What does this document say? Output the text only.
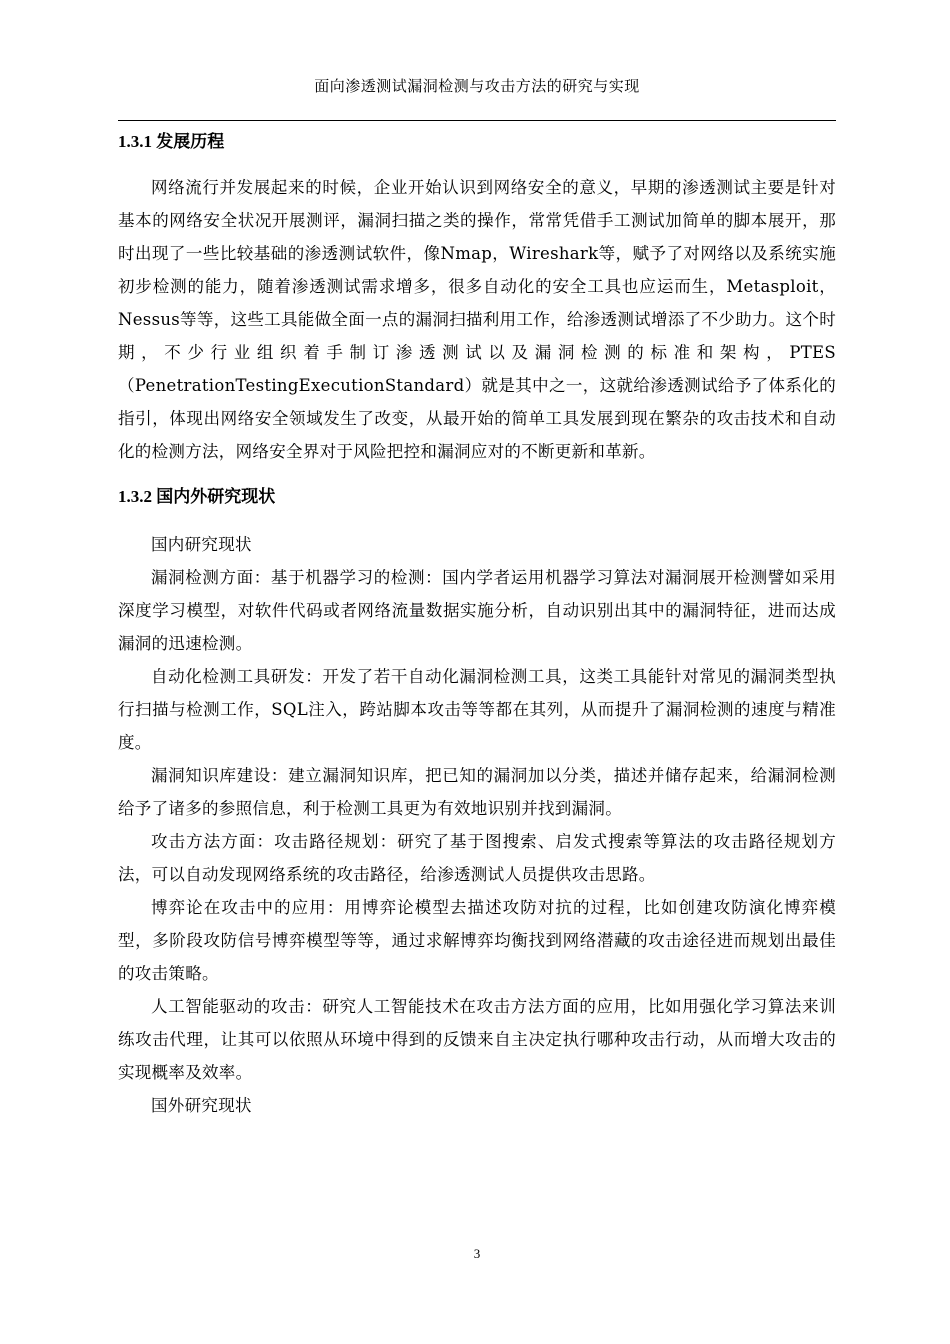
面向渗透测试漏洞检测与攻击方法的研究与实现
1.3.1 发展历程

网络流行并发展起来的时候，企业开始认识到网络安全的意义，早期的渗透测试主要是针对基本的网络安全状况开展测评，漏洞扫描之类的操作，常常凭借手工测试加简单的脚本展开，那时出现了一些比较基础的渗透测试软件，像Nmap，Wireshark等，赋予了对网络以及系统实施初步检测的能力，随着渗透测试需求增多，很多自动化的安全工具也应运而生，Metasploit，Nessus等等，这些工具能做全面一点的漏洞扫描利用工作，给渗透测试增添了不少助力。这个时期，不少行业组织着手制订渗透测试以及漏洞检测的标准和架构，PTES（PenetrationTestingExecutionStandard）就是其中之一，这就给渗透测试给予了体系化的指引，体现出网络安全领域发生了改变，从最开始的简单工具发展到现在繁杂的攻击技术和自动化的检测方法，网络安全界对于风险把控和漏洞应对的不断更新和革新。

1.3.2 国内外研究现状

国内研究现状

漏洞检测方面：基于机器学习的检测：国内学者运用机器学习算法对漏洞展开检测譬如采用深度学习模型，对软件代码或者网络流量数据实施分析，自动识别出其中的漏洞特征，进而达成漏洞的迅速检测。

自动化检测工具研发：开发了若干自动化漏洞检测工具，这类工具能针对常见的漏洞类型执行扫描与检测工作，SQL注入，跨站脚本攻击等等都在其列，从而提升了漏洞检测的速度与精准度。

漏洞知识库建设：建立漏洞知识库，把已知的漏洞加以分类，描述并储存起来，给漏洞检测给予了诸多的参照信息，利于检测工具更为有效地识别并找到漏洞。

攻击方法方面：攻击路径规划：研究了基于图搜索、启发式搜索等算法的攻击路径规划方法，可以自动发现网络系统的攻击路径，给渗透测试人员提供攻击思路。

博弈论在攻击中的应用：用博弈论模型去描述攻防对抗的过程，比如创建攻防演化博弈模型，多阶段攻防信号博弈模型等等，通过求解博弈均衡找到网络潜藏的攻击途径进而规划出最佳的攻击策略。

人工智能驱动的攻击：研究人工智能技术在攻击方法方面的应用，比如用强化学习算法来训练攻击代理，让其可以依照从环境中得到的反馈来自主决定执行哪种攻击行动，从而增大攻击的实现概率及效率。

国外研究现状

3
